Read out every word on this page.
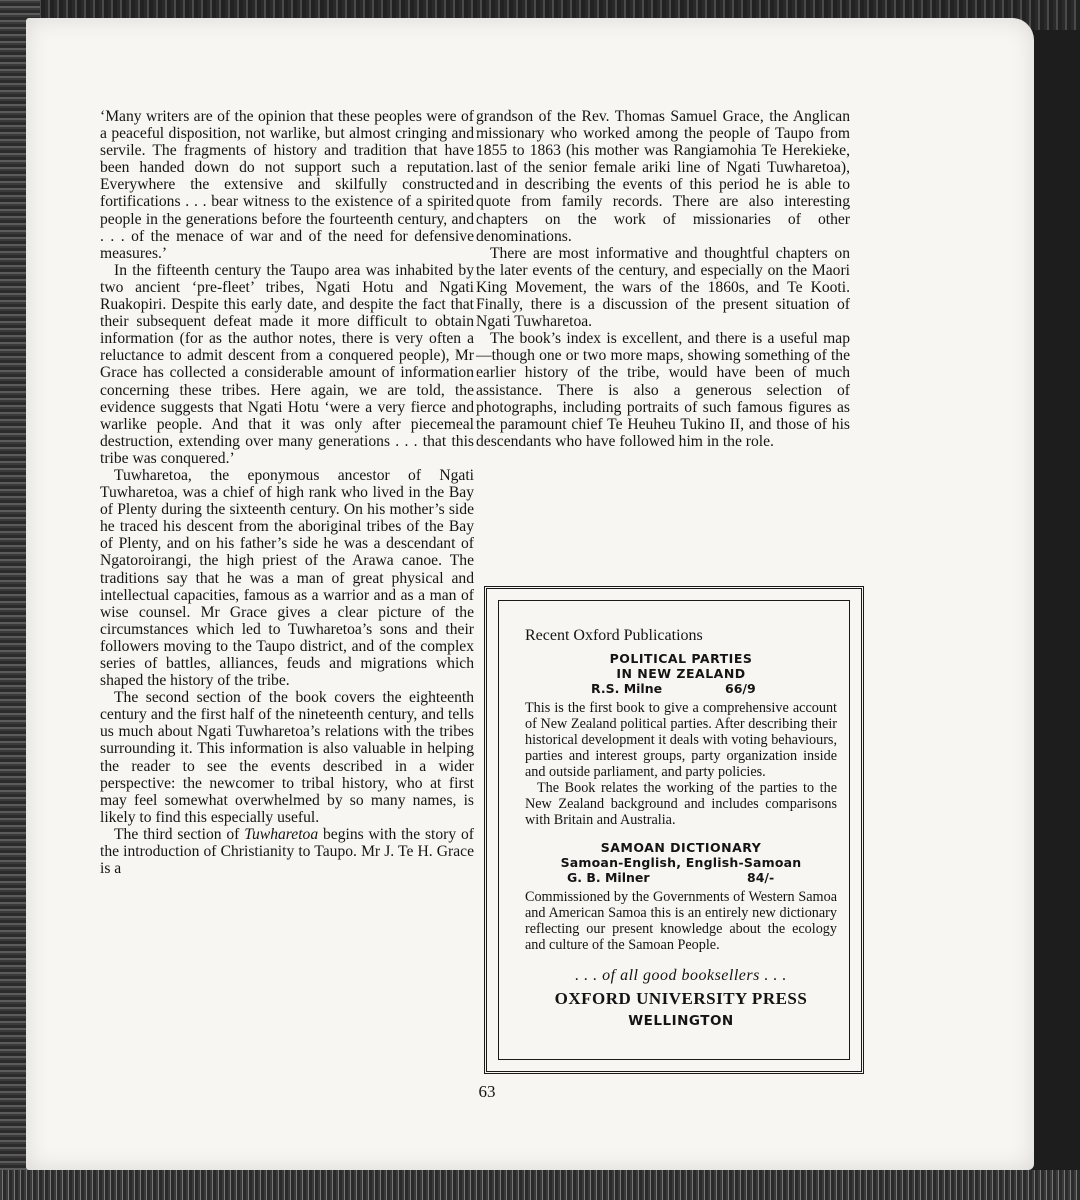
‘Many writers are of the opinion that these peoples were of a peaceful disposition, not warlike, but almost cringing and servile. The fragments of history and tradition that have been handed down do not support such a reputation. Everywhere the extensive and skilfully constructed fortifications . . . bear witness to the existence of a spirited people in the generations before the fourteenth century, and . . . of the menace of war and of the need for defensive measures.’

In the fifteenth century the Taupo area was inhabited by two ancient ‘pre-fleet’ tribes, Ngati Hotu and Ngati Ruakopiri. Despite this early date, and despite the fact that their subsequent defeat made it more difficult to obtain information (for as the author notes, there is very often a reluctance to admit descent from a conquered people), Mr Grace has collected a considerable amount of information concerning these tribes. Here again, we are told, the evidence suggests that Ngati Hotu ‘were a very fierce and warlike people. And that it was only after piecemeal destruction, extending over many generations . . . that this tribe was conquered.’

Tuwharetoa, the eponymous ancestor of Ngati Tuwharetoa, was a chief of high rank who lived in the Bay of Plenty during the sixteenth century. On his mother’s side he traced his descent from the aboriginal tribes of the Bay of Plenty, and on his father’s side he was a descendant of Ngatoroirangi, the high priest of the Arawa canoe. The traditions say that he was a man of great physical and intellectual capacities, famous as a warrior and as a man of wise counsel. Mr Grace gives a clear picture of the circumstances which led to Tuwharetoa’s sons and their followers moving to the Taupo district, and of the complex series of battles, alliances, feuds and migrations which shaped the history of the tribe.

The second section of the book covers the eighteenth century and the first half of the nineteenth century, and tells us much about Ngati Tuwharetoa’s relations with the tribes surrounding it. This information is also valuable in helping the reader to see the events described in a wider perspective: the newcomer to tribal history, who at first may feel somewhat overwhelmed by so many names, is likely to find this especially useful.

The third section of Tuwharetoa begins with the story of the introduction of Christianity to Taupo. Mr J. Te H. Grace is a

grandson of the Rev. Thomas Samuel Grace, the Anglican missionary who worked among the people of Taupo from 1855 to 1863 (his mother was Rangiamohia Te Herekieke, last of the senior female ariki line of Ngati Tuwharetoa), and in describing the events of this period he is able to quote from family records. There are also interesting chapters on the work of missionaries of other denominations.

There are most informative and thoughtful chapters on the later events of the century, and especially on the Maori King Movement, the wars of the 1860s, and Te Kooti. Finally, there is a discussion of the present situation of Ngati Tuwharetoa.

The book’s index is excellent, and there is a useful map—though one or two more maps, showing something of the earlier history of the tribe, would have been of much assistance. There is also a generous selection of photographs, including portraits of such famous figures as the paramount chief Te Heuheu Tukino II, and those of his descendants who have followed him in the role.

Recent Oxford Publications

POLITICAL PARTIES
IN NEW ZEALAND
R.S. Milne	66/9

This is the first book to give a comprehensive account of New Zealand political parties. After describing their historical development it deals with voting behaviours, parties and interest groups, party organization inside and outside parliament, and party policies.

The Book relates the working of the parties to the New Zealand background and includes comparisons with Britain and Australia.

SAMOAN DICTIONARY
Samoan-English, English-Samoan
G. B. Milner	84/-

Commissioned by the Governments of Western Samoa and American Samoa this is an entirely new dictionary reflecting our present knowledge about the ecology and culture of the Samoan People.

. . . of all good booksellers . . .

OXFORD UNIVERSITY PRESS

WELLINGTON

63
